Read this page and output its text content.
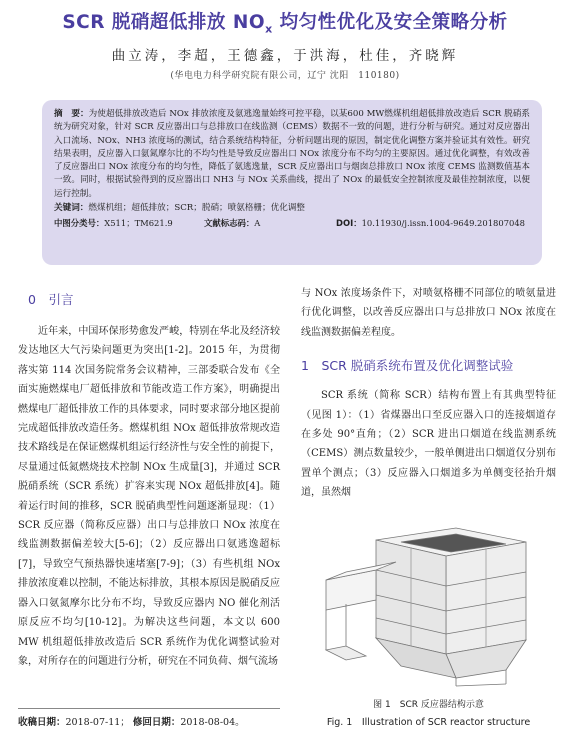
SCR 脱硝超低排放 $NO_x$ 均匀性优化及安全策略分析
曲立涛，李超，王德鑫，于洪海，杜佳，齐晓辉
(华电电力科学研究院有限公司，辽宁 沈阳　110180)
摘　要：为使超低排放改造后 NOx 排放浓度及氨逃逸量始终可控平稳，以某600 MW燃煤机组超低排放改造后 SCR 脱硝系统为研究对象，针对 SCR 反应器出口与总排放口在线监测（CEMS）数据不一致的问题，进行分析与研究。通过对反应器出入口流场、NOx、NH3 浓度场的测试，结合系统结构特征，分析问题出现的原因，制定优化调整方案并验证其有效性。研究结果表明，反应器入口氨氮摩尔比的不均匀性是导致反应器出口 NOx 浓度分布不均匀的主要原因。通过优化调整，有效改善了反应器出口 NOx 浓度分布的均匀性，降低了氨逃逸量，SCR 反应器出口与烟囱总排放口 NOx 浓度 CEMS 监测数值基本一致。同时，根据试验得到的反应器出口 NH3 与 NOx 关系曲线，提出了 NOx 的最低安全控制浓度及最佳控制浓度，以便运行控制。
关键词：燃煤机组；超低排放；SCR；脱硝；喷氨格栅；优化调整
中图分类号：X511；TM621.9	文献标志码：A	DOI：10.11930/j.issn.1004-9649.201807048
0　引言
近年来，中国环保形势愈发严峻，特别在华北及经济较发达地区大气污染问题更为突出[1-2]。2015 年，为贯彻落实第 114 次国务院常务会议精神，三部委联合发布《全面实施燃煤电厂超低排放和节能改造工作方案》，明确提出燃煤电厂超低排放工作的具体要求，同时要求部分地区提前完成超低排放改造任务。燃煤机组 NOx 超低排放常规改造技术路线是在保证燃煤机组运行经济性与安全性的前提下，尽量通过低氮燃烧技术控制 NOx 生成量[3]，并通过 SCR 脱硝系统（SCR 系统）扩容来实现 NOx 超低排放[4]。随着运行时间的推移，SCR 脱硝典型性问题逐渐显现：（1）SCR 反应器（简称反应器）出口与总排放口 NOx 浓度在线监测数据偏差较大[5-6]；（2）反应器出口氨逃逸超标[7]，导致空气预热器快速堵塞[7-9]；（3）有些机组 NOx 排放浓度难以控制，不能达标排放，其根本原因是脱硝反应器入口氨氮摩尔比分布不均，导致反应器内 NO 催化剂活原反应不均匀[10-12]。为解决这些问题，本文以 600 MW 机组超低排放改造后 SCR 系统作为优化调整试验对象，对所存在的问题进行分析，研究在不同负荷、烟气流场
与 NOx 浓度场条件下，对喷氨格栅不同部位的喷氨量进行优化调整，以改善反应器出口与总排放口 NOx 浓度在线监测数据偏差程度。
1　SCR 脱硝系统布置及优化调整试验
SCR 系统（简称 SCR）结构布置上有其典型特征（见图 1）：（1）省煤器出口至反应器入口的连接烟道存在多处 90°直角；（2）SCR 进出口烟道在线监测系统（CEMS）测点数量较少，一般单侧进出口烟道仅分别布置单个测点；（3）反应器入口烟道多为单侧变径抬升烟道，虽然烟
图 1　SCR 反应器结构示意
Fig. 1　Illustration of SCR reactor structure
收稿日期：2018-07-11； 修回日期：2018-08-04。
